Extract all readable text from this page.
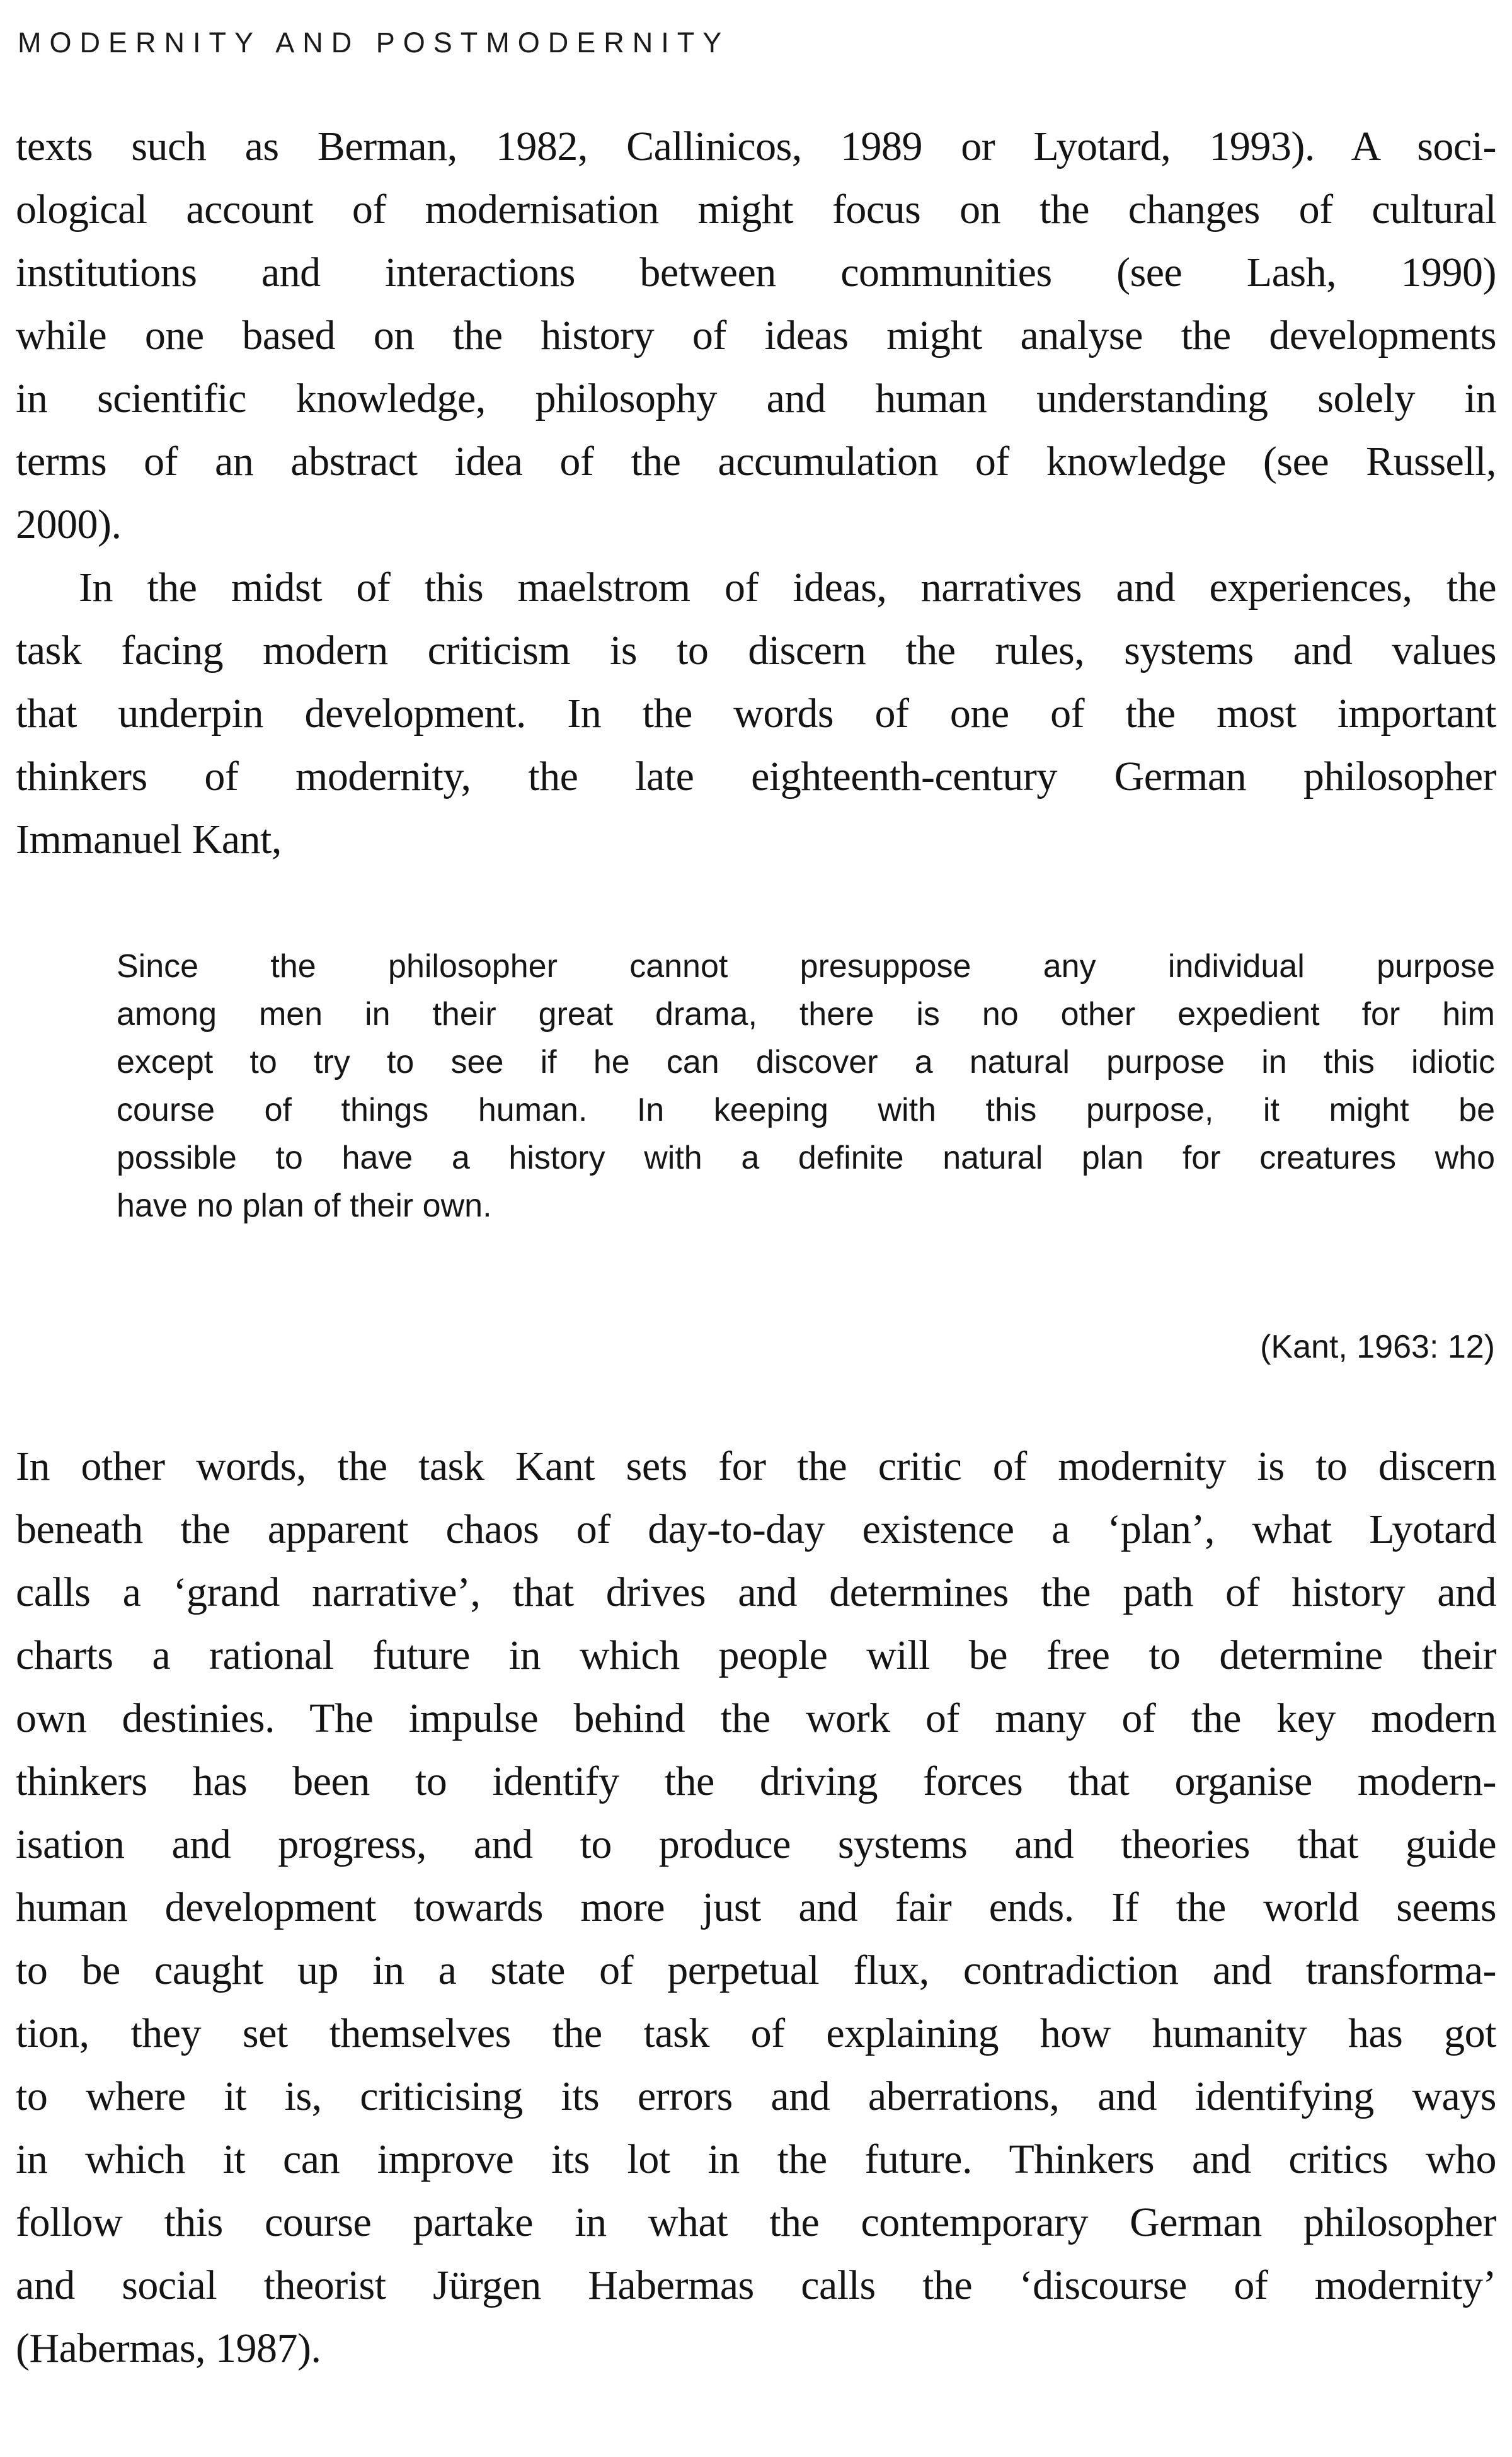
MODERNITY AND POSTMODERNITY
texts such as Berman, 1982, Callinicos, 1989 or Lyotard, 1993). A soci-
ological account of modernisation might focus on the changes of cultural
institutions and interactions between communities (see Lash, 1990)
while one based on the history of ideas might analyse the developments
in scientific knowledge, philosophy and human understanding solely in
terms of an abstract idea of the accumulation of knowledge (see Russell,
2000).
In the midst of this maelstrom of ideas, narratives and experiences, the
task facing modern criticism is to discern the rules, systems and values
that underpin development. In the words of one of the most important
thinkers of modernity, the late eighteenth-century German philosopher
Immanuel Kant,
Since the philosopher cannot presuppose any individual purpose
among men in their great drama, there is no other expedient for him
except to try to see if he can discover a natural purpose in this idiotic
course of things human. In keeping with this purpose, it might be
possible to have a history with a definite natural plan for creatures who
have no plan of their own.
(Kant, 1963: 12)
In other words, the task Kant sets for the critic of modernity is to discern
beneath the apparent chaos of day-to-day existence a ‘plan’, what Lyotard
calls a ‘grand narrative’, that drives and determines the path of history and
charts a rational future in which people will be free to determine their
own destinies. The impulse behind the work of many of the key modern
thinkers has been to identify the driving forces that organise modern-
isation and progress, and to produce systems and theories that guide
human development towards more just and fair ends. If the world seems
to be caught up in a state of perpetual flux, contradiction and transforma-
tion, they set themselves the task of explaining how humanity has got
to where it is, criticising its errors and aberrations, and identifying ways
in which it can improve its lot in the future. Thinkers and critics who
follow this course partake in what the contemporary German philosopher
and social theorist Jürgen Habermas calls the ‘discourse of modernity’
(Habermas, 1987).
